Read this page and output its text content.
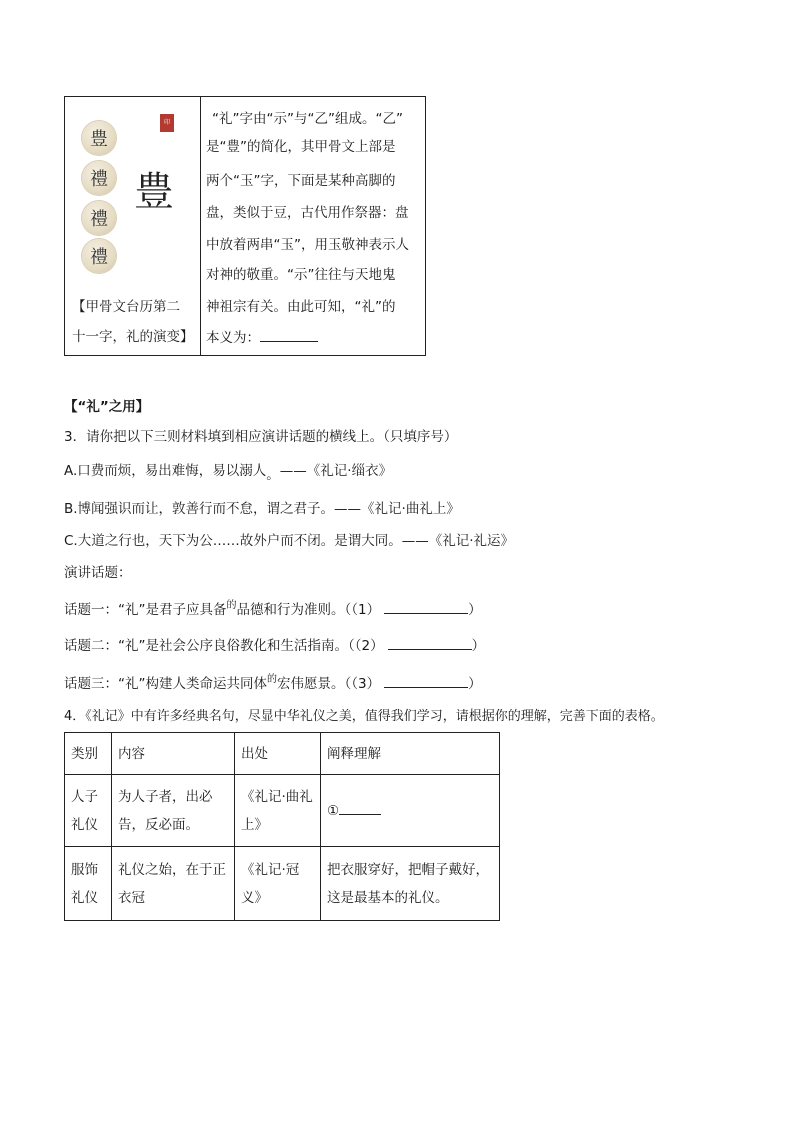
豊
禮
禮
禮
印
豊
【甲骨文台历第二
十一字，礼的演变】
“礼”字由“示”与“乙”组成。“乙”
是“豊”的简化，其甲骨文上部是
两个“玉”字，下面是某种高脚的
盘，类似于豆，古代用作祭器：盘
中放着两串“玉”，用玉敬神表示人
对神的敬重。“示”往往与天地鬼
神祖宗有关。由此可知，“礼”的
本义为：
【“礼”之用】
3．请你把以下三则材料填到相应演讲话题的横线上。（只填序号）
A.口费而烦，易出难悔，易以溺人。——《礼记·缁衣》
B.博闻强识而让，敦善行而不怠，谓之君子。——《礼记·曲礼上》
C.大道之行也，天下为公……故外户而不闭。是谓大同。——《礼记·礼运》
演讲话题：
话题一：“礼”是君子应具备$^的$品德和行为准则。（（1）	）
话题二：“礼”是社会公序良俗教化和生活指南。（（2）	）
话题三：“礼”构建人类命运共同体$^的$宏伟愿景。（（3）	）
4．《礼记》中有许多经典名句，尽显中华礼仪之美，值得我们学习，请根据你的理解，完善下面的表格。
类别	内容	出处	阐释理解
人子礼仪	为人子者，出必告，反必面。	《礼记·曲礼上》	①
服饰礼仪	礼仪之始，在于正衣冠	《礼记·冠义》	把衣服穿好，把帽子戴好，这是最基本的礼仪。
